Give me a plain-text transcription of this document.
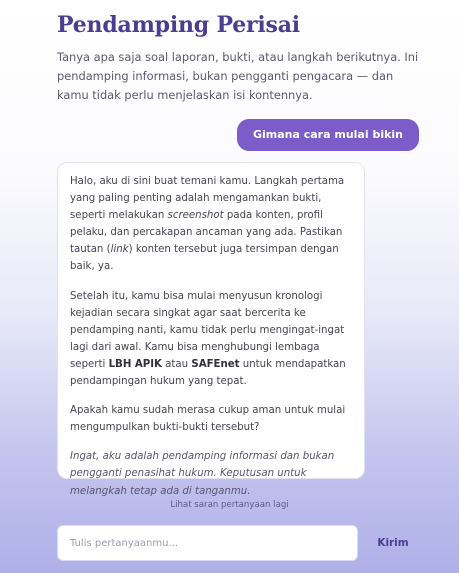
Pendamping Perisai

Tanya apa saja soal laporan, bukti, atau langkah berikutnya. Ini pendamping informasi, bukan pengganti pengacara — dan kamu tidak perlu menjelaskan isi kontennya.

Gimana cara mulai bikin

Halo, aku di sini buat temani kamu. Langkah pertama yang paling penting adalah mengamankan bukti, seperti melakukan screenshot pada konten, profil pelaku, dan percakapan ancaman yang ada. Pastikan tautan (link) konten tersebut juga tersimpan dengan baik, ya.

Setelah itu, kamu bisa mulai menyusun kronologi kejadian secara singkat agar saat bercerita ke pendamping nanti, kamu tidak perlu mengingat-ingat lagi dari awal. Kamu bisa menghubungi lembaga seperti LBH APIK atau SAFEnet untuk mendapatkan pendampingan hukum yang tepat.

Apakah kamu sudah merasa cukup aman untuk mulai mengumpulkan bukti-bukti tersebut?

Ingat, aku adalah pendamping informasi dan bukan pengganti penasihat hukum. Keputusan untuk melangkah tetap ada di tanganmu.

Lihat saran pertanyaan lagi
Tulis pertanyaanmu...
Kirim
